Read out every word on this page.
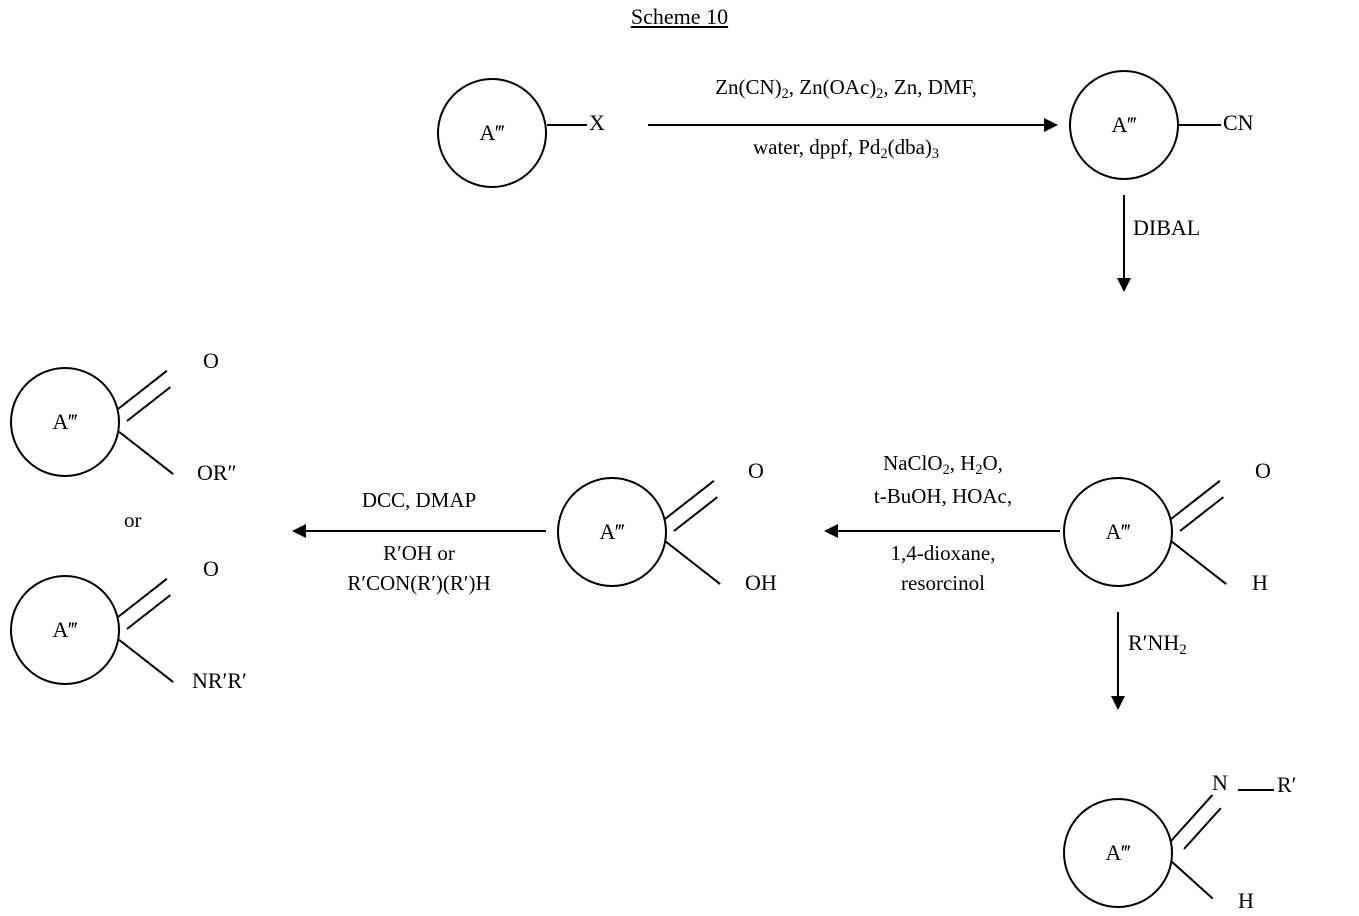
Scheme 10
A‴	X
$Zn(CN)_2$, $Zn(OAc)_2$, Zn, DMF,
water, dppf, $Pd_2(dba)_3$
A‴	CN
DIBAL
A‴
O
H
NaClO$_2$, $H_2O$,
t-BuOH, HOAc,
1,4-dioxane,
resorcinol
A‴
O
OH
DCC, DMAP
R′OH or
R′CON(R′)(R′)H
A‴
O
OR″
or
A‴
O
NR′R′
$R'NH_2$
A‴
N R′
H
